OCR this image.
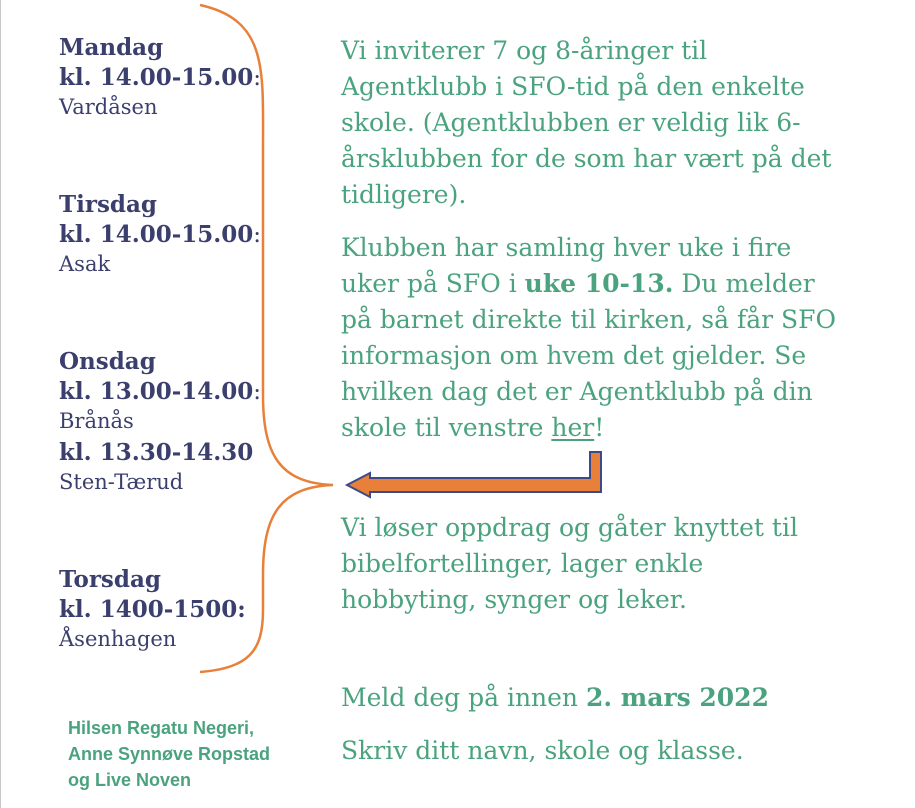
Mandag
kl. 14.00-15.00:
Vardåsen
Tirsdag
kl. 14.00-15.00:
Asak
Onsdag
kl. 13.00-14.00:
Brånås
kl. 13.30-14.30
Sten-Tærud
Torsdag
kl. 1400-1500:
Åsenhagen
Vi inviterer 7 og 8-åringer til Agentklubb i SFO-tid på den enkelte skole. (Agentklubben er veldig lik 6-årsklubben for de som har vært på det tidligere).
Klubben har samling hver uke i fire uker på SFO i uke 10-13. Du melder på barnet direkte til kirken, så får SFO informasjon om hvem det gjelder. Se hvilken dag det er Agentklubb på din skole til venstre her!
Vi løser oppdrag og gåter knyttet til bibelfortellinger, lager enkle hobbyting, synger og leker.
Meld deg på innen 2. mars 2022
Skriv ditt navn, skole og klasse.
Hilsen Regatu Negeri,
Anne Synnøve Ropstad
og Live Noven
